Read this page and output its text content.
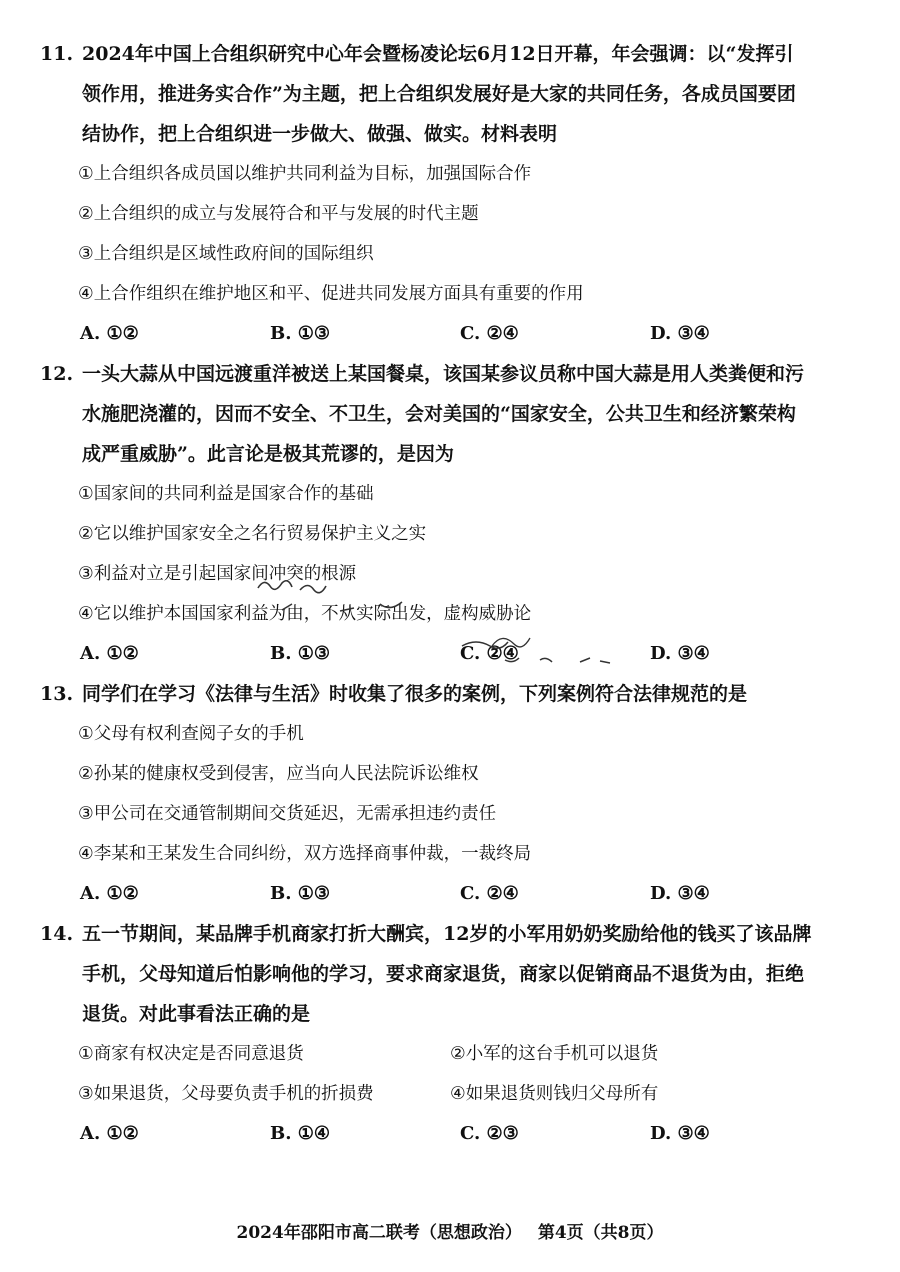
11. 2024年中国上合组织研究中心年会暨杨凌论坛6月12日开幕，年会强调：以“发挥引
领作用，推进务实合作”为主题，把上合组织发展好是大家的共同任务，各成员国要团
结协作，把上合组织进一步做大、做强、做实。材料表明
①上合组织各成员国以维护共同利益为目标，加强国际合作
②上合组织的成立与发展符合和平与发展的时代主题
③上合组织是区域性政府间的国际组织
④上合作组织在维护地区和平、促进共同发展方面具有重要的作用
A. ①②	B. ①③	C. ②④	D. ③④
12. 一头大蒜从中国远渡重洋被送上某国餐桌，该国某参议员称中国大蒜是用人类粪便和污
水施肥浇灌的，因而不安全、不卫生，会对美国的“国家安全，公共卫生和经济繁荣构
成严重威胁”。此言论是极其荒谬的，是因为
①国家间的共同利益是国家合作的基础
②它以维护国家安全之名行贸易保护主义之实
③利益对立是引起国家间冲突的根源
④它以维护本国国家利益为由，不从实际出发，虚构威胁论
A. ①②	B. ①③	C. ②④	D. ③④
13. 同学们在学习《法律与生活》时收集了很多的案例，下列案例符合法律规范的是
①父母有权利查阅子女的手机
②孙某的健康权受到侵害，应当向人民法院诉讼维权
③甲公司在交通管制期间交货延迟，无需承担违约责任
④李某和王某发生合同纠纷，双方选择商事仲裁，一裁终局
A. ①②	B. ①③	C. ②④	D. ③④
14. 五一节期间，某品牌手机商家打折大酬宾，12岁的小军用奶奶奖励给他的钱买了该品牌
手机，父母知道后怕影响他的学习，要求商家退货，商家以促销商品不退货为由，拒绝
退货。对此事看法正确的是
①商家有权决定是否同意退货	②小军的这台手机可以退货
③如果退货，父母要负责手机的折损费	④如果退货则钱归父母所有
A. ①②	B. ①④	C. ②③	D. ③④
2024年邵阳市高二联考（思想政治） 第4页（共8页）
